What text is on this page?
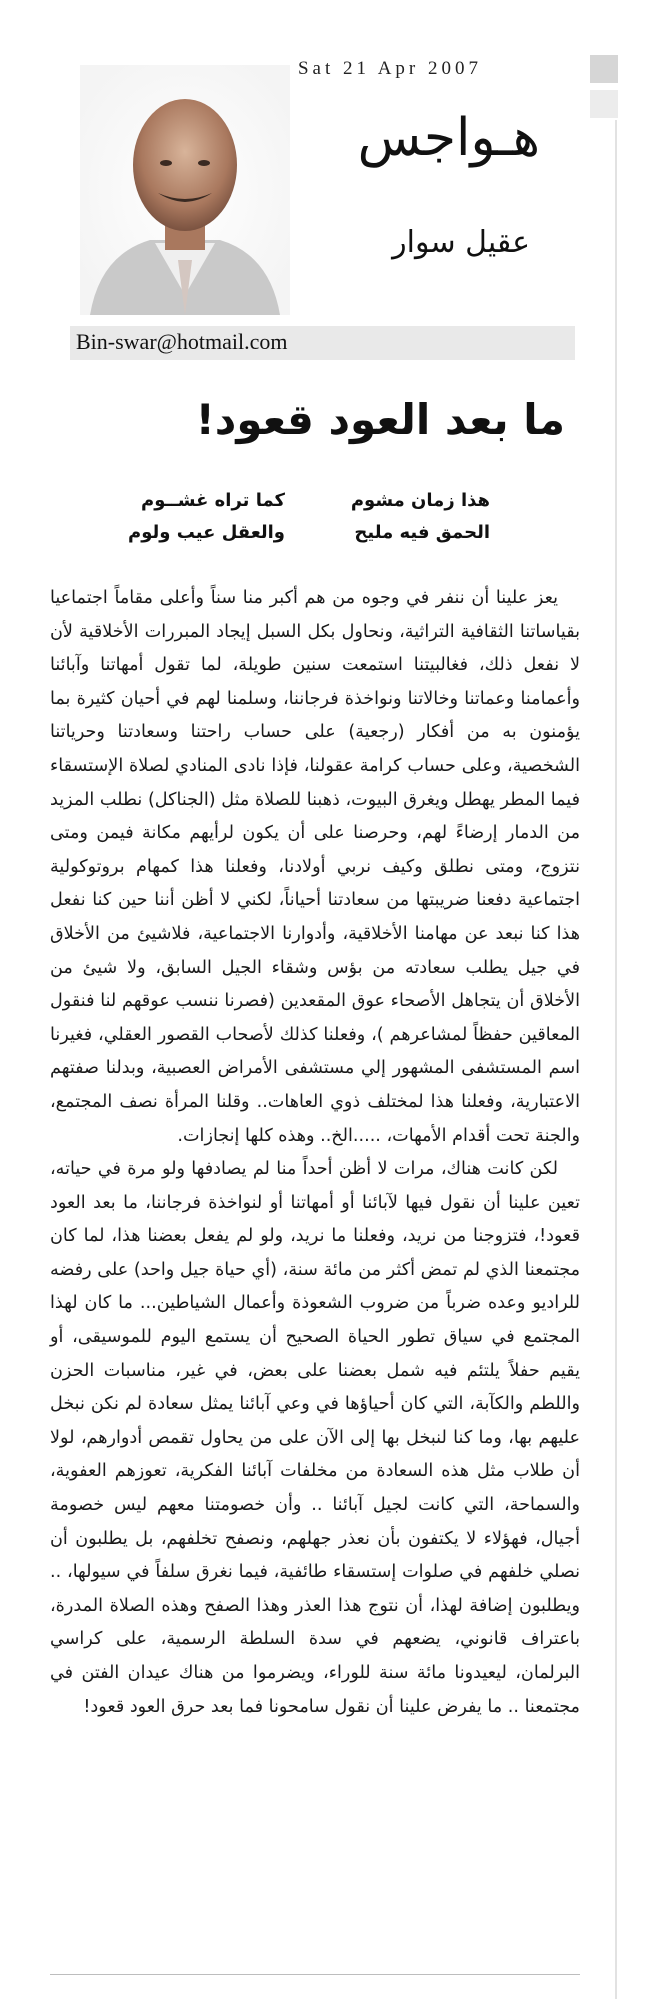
Sat 21 Apr 2007
هـواجس
عقيل سوار
Bin-swar@hotmail.com
ما بعد العود قعود!
هذا زمان مشوم
الحمق فيه مليح
كما تراه غشــوم
والعقل عيب ولوم

يعز علينا أن ننفر في وجوه من هم أكبر منا سناً وأعلى مقاماً اجتماعيا بقياساتنا الثقافية التراثية، ونحاول بكل السبل إيجاد المبررات الأخلاقية لأن لا نفعل ذلك، فغالبيتنا استمعت سنين طويلة، لما تقول أمهاتنا وآبائنا وأعمامنا وعماتنا وخالاتنا ونواخذة فرجاننا، وسلمنا لهم في أحيان كثيرة بما يؤمنون به من أفكار (رجعية) على حساب راحتنا وسعادتنا وحرياتنا الشخصية، وعلى حساب كرامة عقولنا، فإذا نادى المنادي لصلاة الإستسقاء فيما المطر يهطل ويغرق البيوت، ذهبنا للصلاة مثل (الجناكل) نطلب المزيد من الدمار إرضاءً لهم، وحرصنا على أن يكون لرأيهم مكانة فيمن ومتى نتزوج، ومتى نطلق وكيف نربي أولادنا، وفعلنا هذا كمهام بروتوكولية اجتماعية دفعنا ضريبتها من سعادتنا أحياناً، لكني لا أظن أننا حين كنا نفعل هذا كنا نبعد عن مهامنا الأخلاقية، وأدوارنا الاجتماعية، فلاشيئ من الأخلاق في جيل يطلب سعادته من بؤس وشقاء الجيل السابق، ولا شيئ من الأخلاق أن يتجاهل الأصحاء عوق المقعدين (فصرنا ننسب عوقهم لنا فنقول المعاقين حفظاً لمشاعرهم )، وفعلنا كذلك لأصحاب القصور العقلي، فغيرنا اسم المستشفى المشهور إلي مستشفى الأمراض العصبية، وبدلنا صفتهم الاعتبارية، وفعلنا هذا لمختلف ذوي العاهات.. وقلنا المرأة نصف المجتمع، والجنة تحت أقدام الأمهات، .....الخ.. وهذه كلها إنجازات.

لكن كانت هناك، مرات لا أظن أحداً منا لم يصادفها ولو مرة في حياته، تعين علينا أن نقول فيها لآبائنا أو أمهاتنا أو لنواخذة فرجاننا، ما بعد العود قعود!، فتزوجنا من نريد، وفعلنا ما نريد، ولو لم يفعل بعضنا هذا، لما كان مجتمعنا الذي لم تمض أكثر من مائة سنة، (أي حياة جيل واحد) على رفضه للراديو وعده ضرباً من ضروب الشعوذة وأعمال الشياطين... ما كان لهذا المجتمع في سياق تطور الحياة الصحيح أن يستمع اليوم للموسيقى، أو يقيم حفلاً يلتئم فيه شمل بعضنا على بعض، في غير، مناسبات الحزن واللطم والكآبة، التي كان أحياؤها في وعي آبائنا يمثل سعادة لم نكن نبخل عليهم بها، وما كنا لنبخل بها إلى الآن على من يحاول تقمص أدوارهم، لولا أن طلاب مثل هذه السعادة من مخلفات آبائنا الفكرية، تعوزهم العفوية، والسماحة، التي كانت لجيل آبائنا .. وأن خصومتنا معهم ليس خصومة أجيال، فهؤلاء لا يكتفون بأن نعذر جهلهم، ونصفح تخلفهم، بل يطلبون أن نصلي خلفهم في صلوات إستسقاء طائفية، فيما نغرق سلفاً في سيولها، .. ويطلبون إضافة لهذا، أن نتوج هذا العذر وهذا الصفح وهذه الصلاة المدرة، باعتراف قانوني، يضعهم في سدة السلطة الرسمية، على كراسي البرلمان، ليعيدونا مائة سنة للوراء، ويضرموا من هناك عيدان الفتن في مجتمعنا .. ما يفرض علينا أن نقول سامحونا فما بعد حرق العود قعود!
